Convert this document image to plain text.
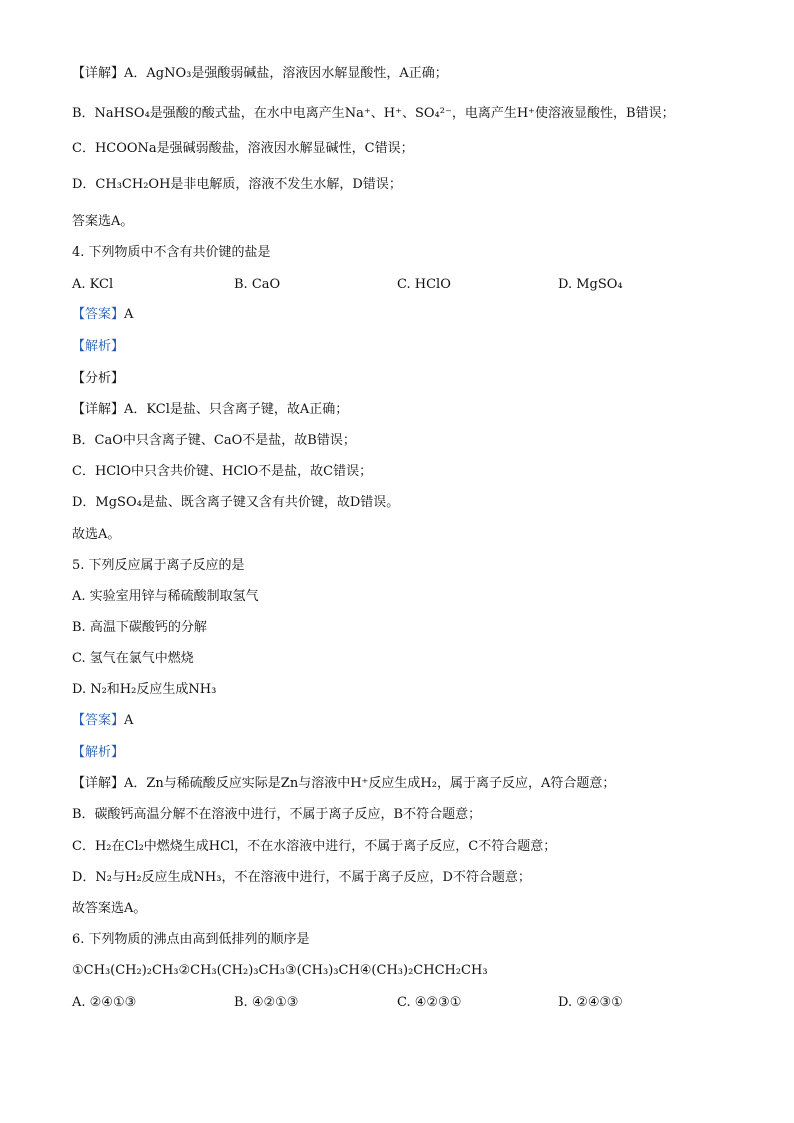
【详解】A．AgNO₃是强酸弱碱盐，溶液因水解显酸性，A正确；
B．NaHSO₄是强酸的酸式盐，在水中电离产生Na⁺、H⁺、SO₄²⁻，电离产生H⁺使溶液显酸性，B错误；
C．HCOONa是强碱弱酸盐，溶液因水解显碱性，C错误；
D．CH₃CH₂OH是非电解质，溶液不发生水解，D错误；
答案选A。
4. 下列物质中不含有共价键的盐是
A. KCl	B. CaO	C. HClO	D. MgSO₄
【答案】A
【解析】
【分析】
【详解】A．KCl是盐、只含离子键，故A正确；
B．CaO中只含离子键、CaO不是盐，故B错误；
C．HClO中只含共价键、HClO不是盐，故C错误；
D．MgSO₄是盐、既含离子键又含有共价键，故D错误。
故选A。
5. 下列反应属于离子反应的是
A. 实验室用锌与稀硫酸制取氢气
B. 高温下碳酸钙的分解
C. 氢气在氯气中燃烧
D. N₂和H₂反应生成NH₃
【答案】A
【解析】
【详解】A．Zn与稀硫酸反应实际是Zn与溶液中H⁺反应生成H₂，属于离子反应，A符合题意；
B．碳酸钙高温分解不在溶液中进行，不属于离子反应，B不符合题意；
C．H₂在Cl₂中燃烧生成HCl，不在水溶液中进行，不属于离子反应，C不符合题意；
D．N₂与H₂反应生成NH₃，不在溶液中进行，不属于离子反应，D不符合题意；
故答案选A。
6. 下列物质的沸点由高到低排列的顺序是
①CH₃(CH₂)₂CH₃②CH₃(CH₂)₃CH₃③(CH₃)₃CH④(CH₃)₂CHCH₂CH₃
A. ②④①③	B. ④②①③	C. ④②③①	D. ②④③①
